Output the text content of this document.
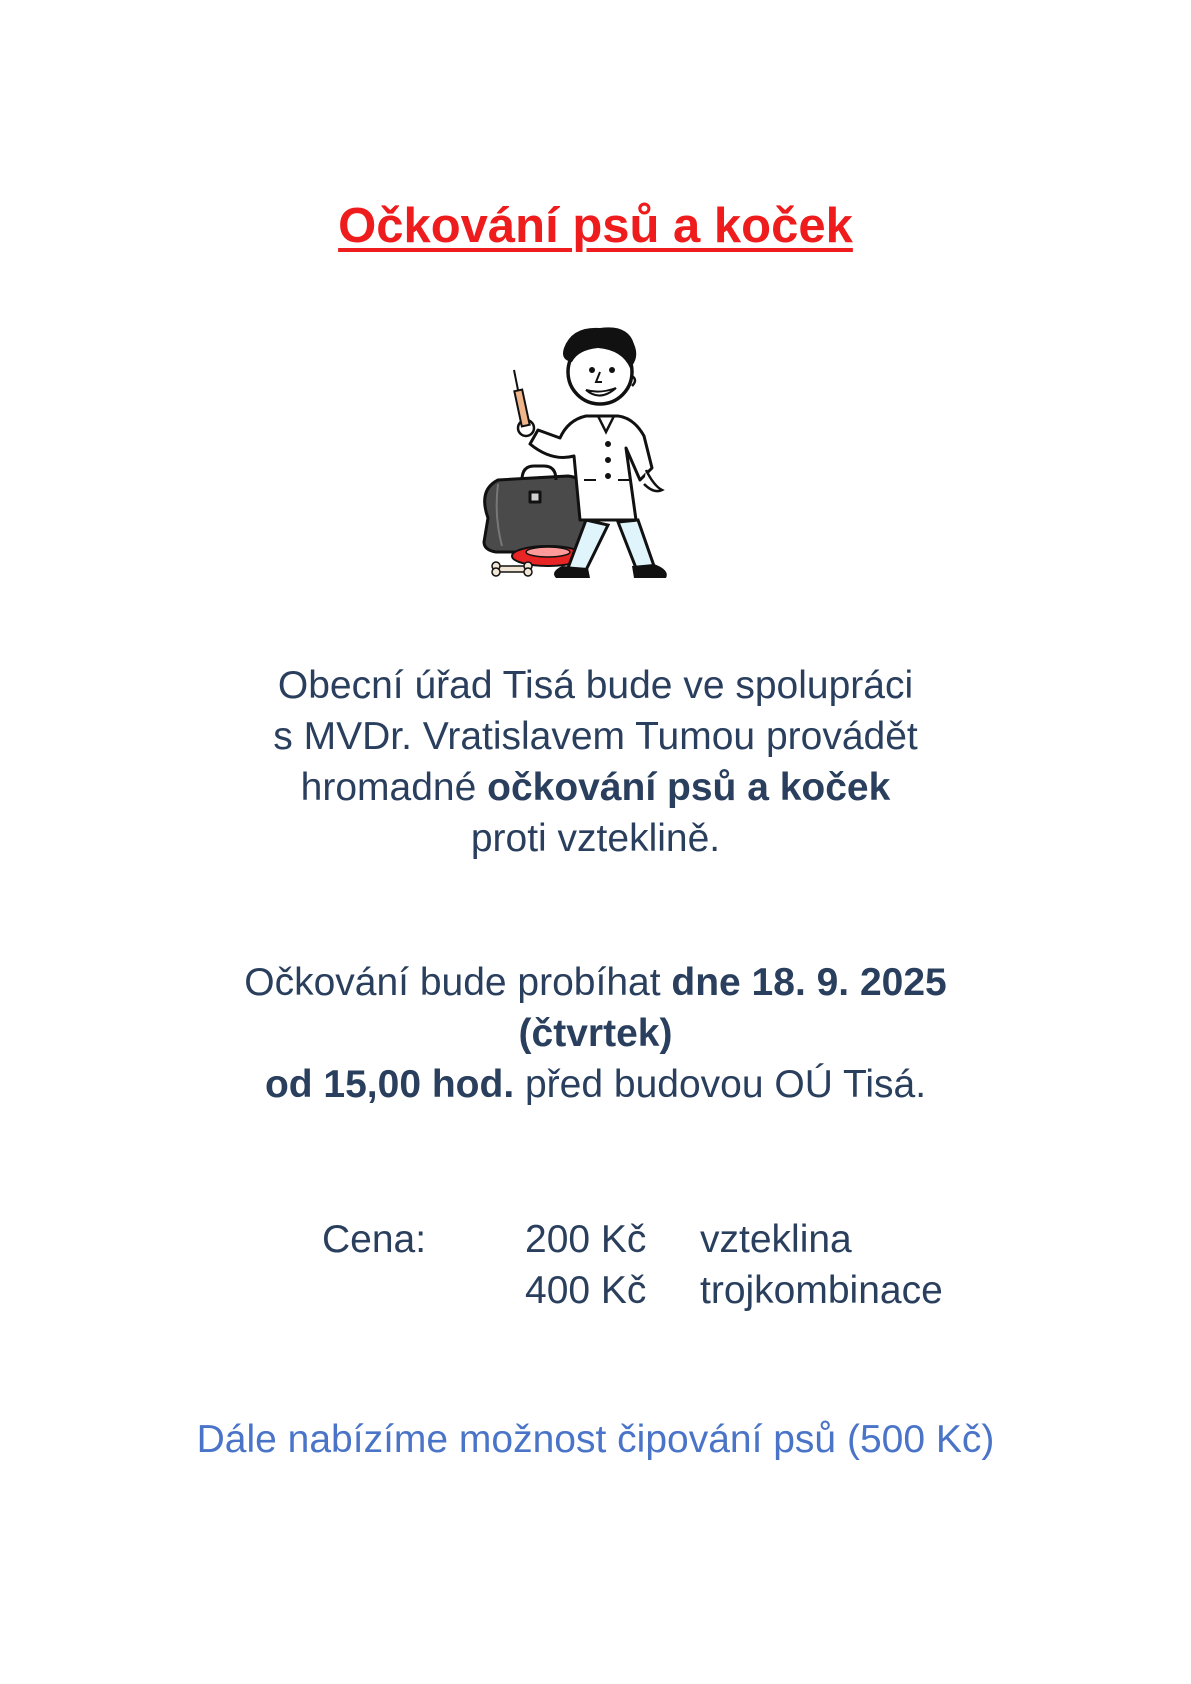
Očkování psů a koček
Obecní úřad Tisá bude ve spolupráci
s MVDr. Vratislavem Tumou provádět
hromadné očkování psů a koček
proti vzteklině.
Očkování bude probíhat dne 18. 9. 2025
(čtvrtek)
od 15,00 hod. před budovou OÚ Tisá.
Cena:	200 Kč
400 Kč
vzteklina
trojkombinace
Dále nabízíme možnost čipování psů (500 Kč)
